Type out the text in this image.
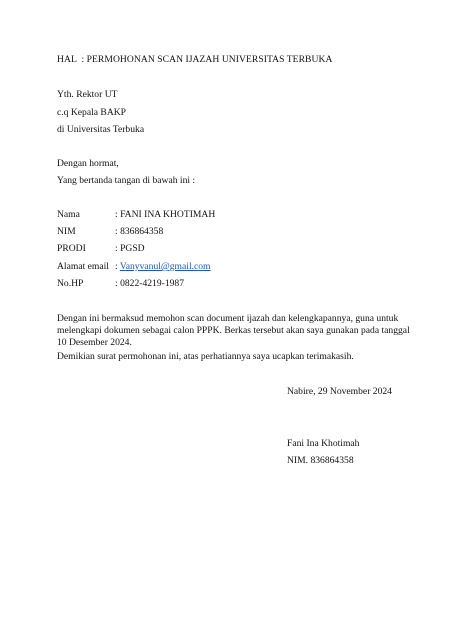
HAL : PERMOHONAN SCAN IJAZAH UNIVERSITAS TERBUKA
Yth. Rektor UT
c.q Kepala BAKP
di Universitas Terbuka
Dengan hormat,
Yang bertanda tangan di bawah ini :
Nama	: FANI INA KHOTIMAH
NIM	: 836864358
PRODI	: PGSD
Alamat email : Vanyvanul@gmail.com
No.HP	: 0822-4219-1987
Dengan ini bermaksud memohon scan document ijazah dan kelengkapannya, guna untuk
melengkapi dokumen sebagai calon PPPK. Berkas tersebut akan saya gunakan pada tanggal
10 Desember 2024.
Demikian surat permohonan ini, atas perhatiannya saya ucapkan terimakasih.
Nabire, 29 November 2024
Fani Ina Khotimah
NIM. 836864358
